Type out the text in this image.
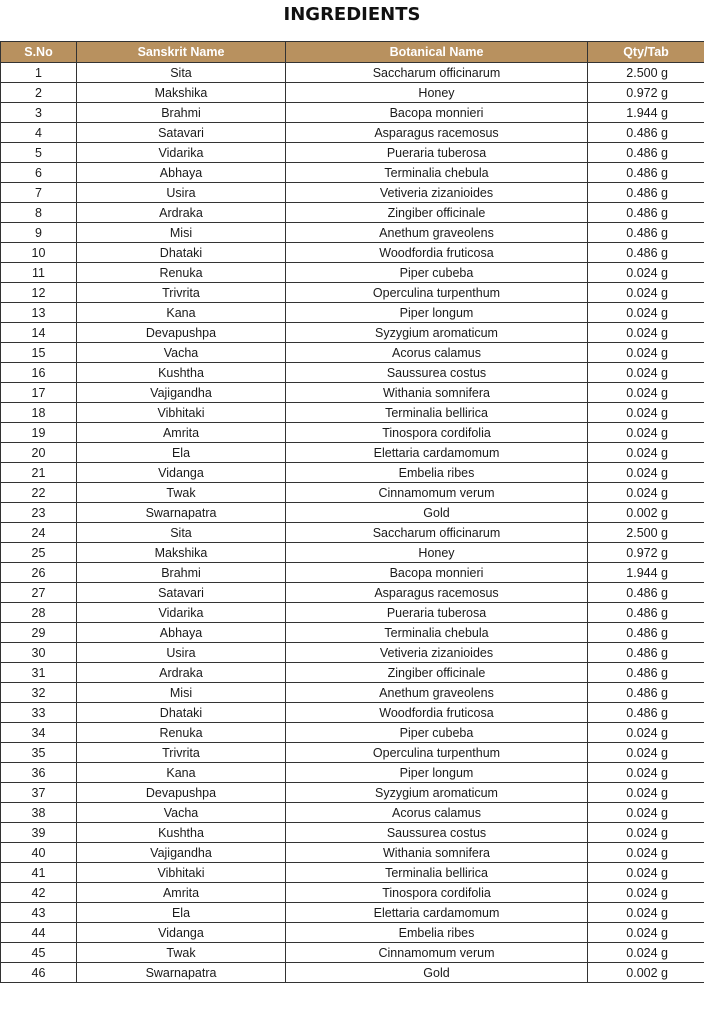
INGREDIENTS
S.No	Sanskrit Name	Botanical Name	Qty/Tab
1	Sita	Saccharum officinarum	2.500 g
2	Makshika	Honey	0.972 g
3	Brahmi	Bacopa monnieri	1.944 g
4	Satavari	Asparagus racemosus	0.486 g
5	Vidarika	Pueraria tuberosa	0.486 g
6	Abhaya	Terminalia chebula	0.486 g
7	Usira	Vetiveria zizanioides	0.486 g
8	Ardraka	Zingiber officinale	0.486 g
9	Misi	Anethum graveolens	0.486 g
10	Dhataki	Woodfordia fruticosa	0.486 g
11	Renuka	Piper cubeba	0.024 g
12	Trivrita	Operculina turpenthum	0.024 g
13	Kana	Piper longum	0.024 g
14	Devapushpa	Syzygium aromaticum	0.024 g
15	Vacha	Acorus calamus	0.024 g
16	Kushtha	Saussurea costus	0.024 g
17	Vajigandha	Withania somnifera	0.024 g
18	Vibhitaki	Terminalia bellirica	0.024 g
19	Amrita	Tinospora cordifolia	0.024 g
20	Ela	Elettaria cardamomum	0.024 g
21	Vidanga	Embelia ribes	0.024 g
22	Twak	Cinnamomum verum	0.024 g
23	Swarnapatra	Gold	0.002 g
24	Sita	Saccharum officinarum	2.500 g
25	Makshika	Honey	0.972 g
26	Brahmi	Bacopa monnieri	1.944 g
27	Satavari	Asparagus racemosus	0.486 g
28	Vidarika	Pueraria tuberosa	0.486 g
29	Abhaya	Terminalia chebula	0.486 g
30	Usira	Vetiveria zizanioides	0.486 g
31	Ardraka	Zingiber officinale	0.486 g
32	Misi	Anethum graveolens	0.486 g
33	Dhataki	Woodfordia fruticosa	0.486 g
34	Renuka	Piper cubeba	0.024 g
35	Trivrita	Operculina turpenthum	0.024 g
36	Kana	Piper longum	0.024 g
37	Devapushpa	Syzygium aromaticum	0.024 g
38	Vacha	Acorus calamus	0.024 g
39	Kushtha	Saussurea costus	0.024 g
40	Vajigandha	Withania somnifera	0.024 g
41	Vibhitaki	Terminalia bellirica	0.024 g
42	Amrita	Tinospora cordifolia	0.024 g
43	Ela	Elettaria cardamomum	0.024 g
44	Vidanga	Embelia ribes	0.024 g
45	Twak	Cinnamomum verum	0.024 g
46	Swarnapatra	Gold	0.002 g
